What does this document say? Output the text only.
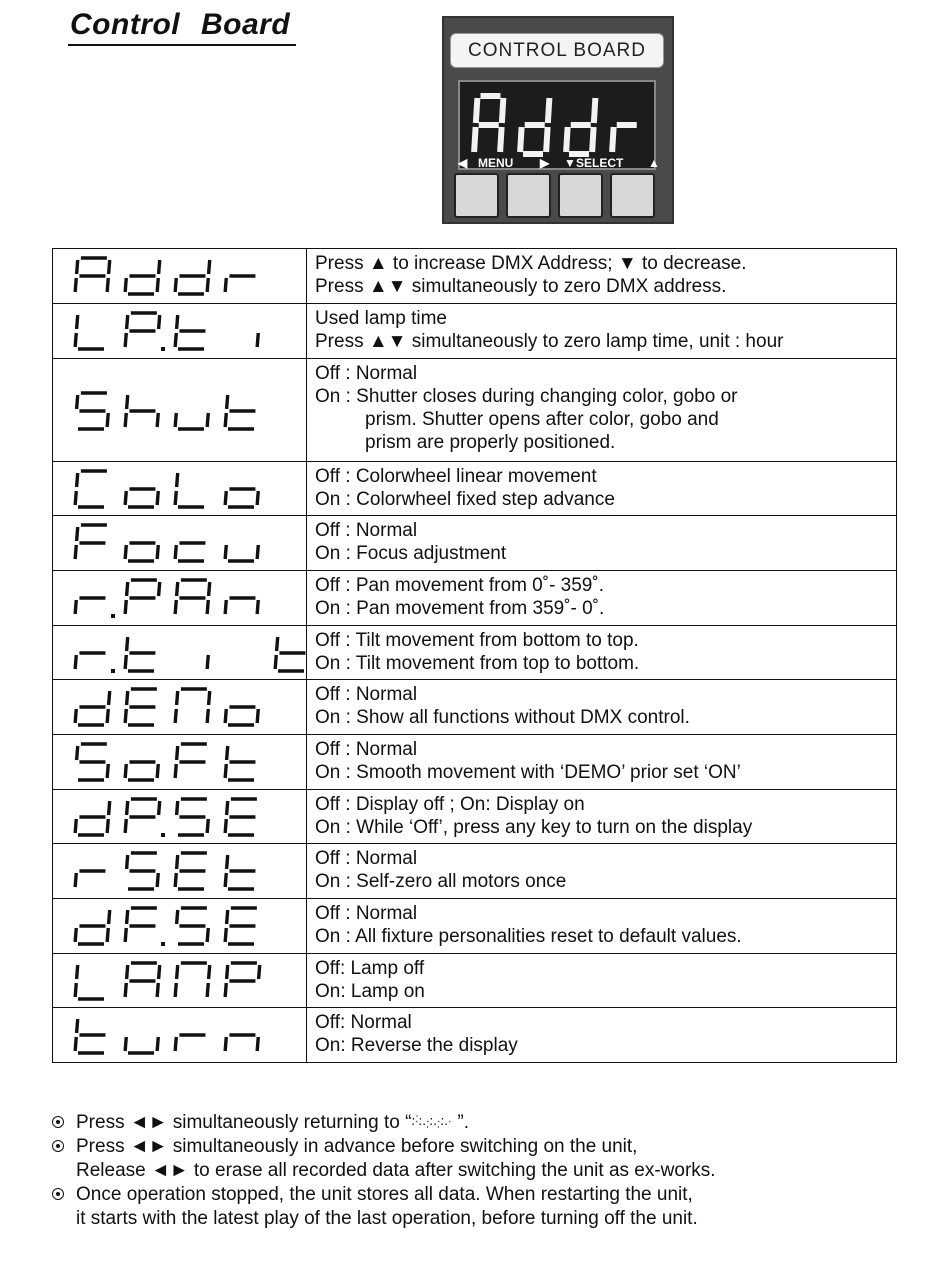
Control Board
CONTROL BOARD
◀ MENU ▶ ▼ SELECT ▲

Press ▲ to increase DMX Address; ▼ to decrease.
Press ▲▼ simultaneously to zero DMX address.

Used lamp time
Press ▲▼ simultaneously to zero lamp time, unit : hour

Off : Normal
On : Shutter closes during changing color, gobo or
prism. Shutter opens after color, gobo and
prism are properly positioned.

Off : Colorwheel linear movement
On : Colorwheel fixed step advance

Off : Normal
On : Focus adjustment

Off : Pan movement from 0˚- 359˚.
On : Pan movement from 359˚- 0˚.

Off : Tilt movement from bottom to top.
On : Tilt movement from top to bottom.

Off : Normal
On : Show all functions without DMX control.

Off : Normal
On : Smooth movement with ‘DEMO’ prior set ‘ON’

Off : Display off ; On: Display on
On : While ‘Off’, press any key to turn on the display

Off : Normal
On : Self-zero all motors once

Off : Normal
On : All fixture personalities reset to default values.

Off: Lamp off
On: Lamp on

Off: Normal
On: Reverse the display
Press ◄► simultaneously returning to “ ”.
Press ◄► simultaneously in advance before switching on the unit,
Release ◄► to erase all recorded data after switching the unit as ex-works.
Once operation stopped, the unit stores all data. When restarting the unit,
it starts with the latest play of the last operation, before turning off the unit.
